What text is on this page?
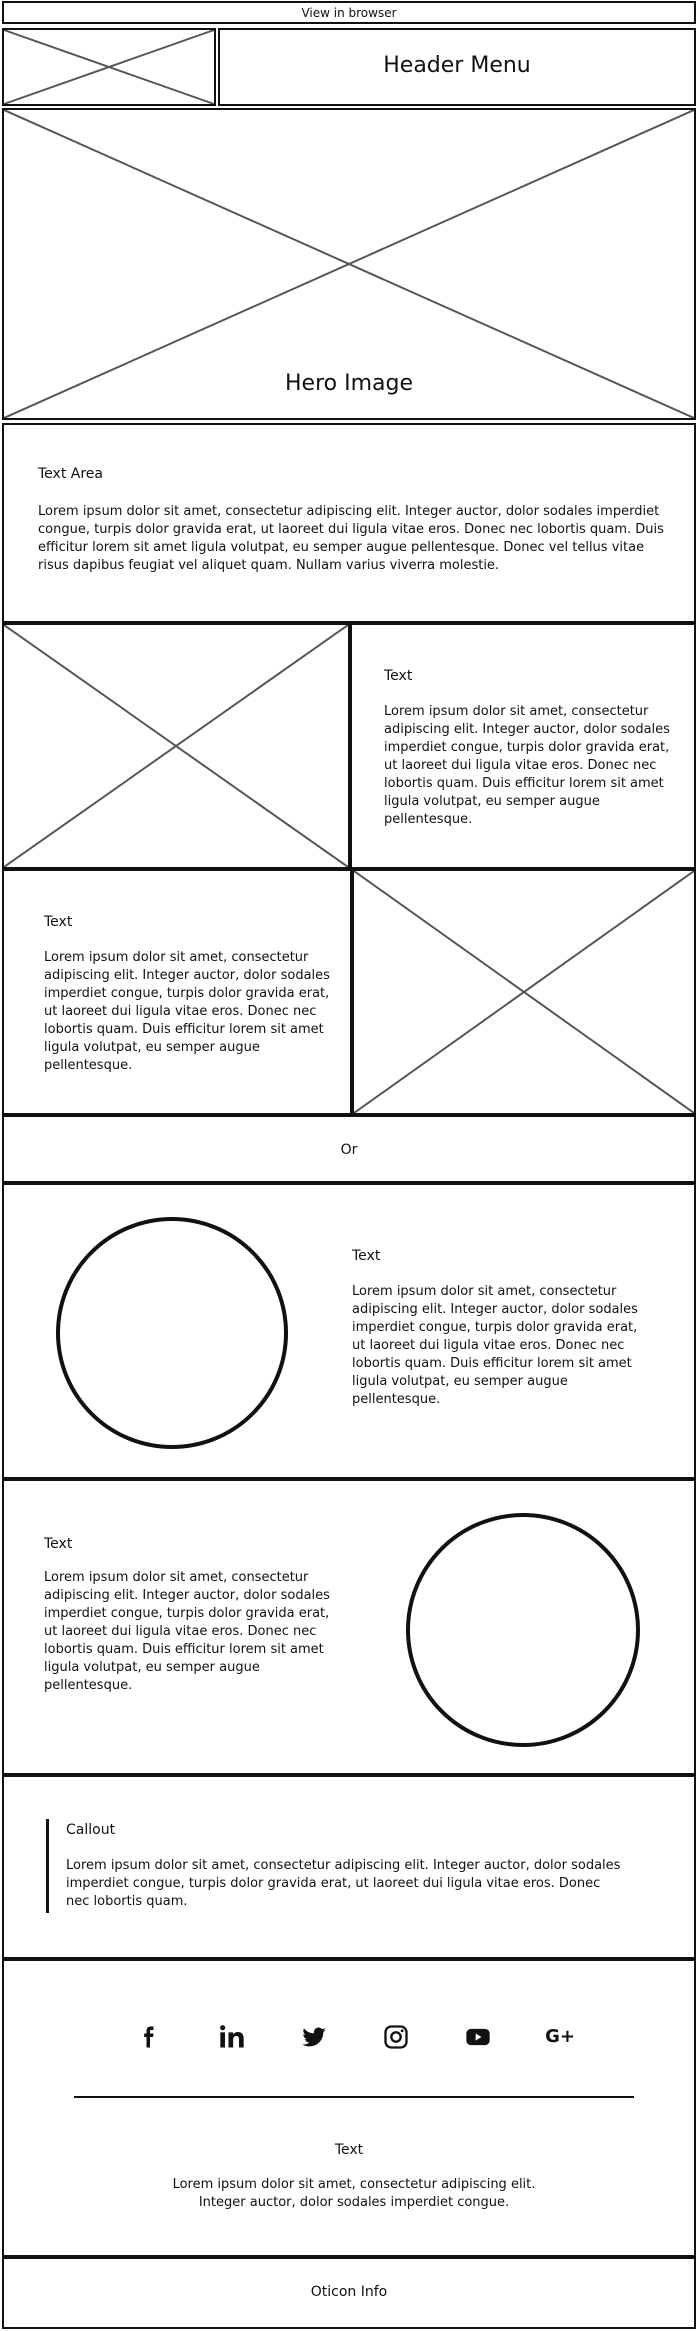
View in browser
Header Menu
Hero Image
Text Area
Lorem ipsum dolor sit amet, consectetur adipiscing elit. Integer auctor, dolor sodales imperdiet congue, turpis dolor gravida erat, ut laoreet dui ligula vitae eros. Donec nec lobortis quam. Duis efficitur lorem sit amet ligula volutpat, eu semper augue pellentesque. Donec vel tellus vitae risus dapibus feugiat vel aliquet quam. Nullam varius viverra molestie.
Text
Lorem ipsum dolor sit amet, consectetur adipiscing elit. Integer auctor, dolor sodales imperdiet congue, turpis dolor gravida erat, ut laoreet dui ligula vitae eros. Donec nec lobortis quam. Duis efficitur lorem sit amet ligula volutpat, eu semper augue pellentesque.
Text
Lorem ipsum dolor sit amet, consectetur adipiscing elit. Integer auctor, dolor sodales imperdiet congue, turpis dolor gravida erat, ut laoreet dui ligula vitae eros. Donec nec lobortis quam. Duis efficitur lorem sit amet ligula volutpat, eu semper augue pellentesque.
Or
Text
Lorem ipsum dolor sit amet, consectetur adipiscing elit. Integer auctor, dolor sodales imperdiet congue, turpis dolor gravida erat, ut laoreet dui ligula vitae eros. Donec nec lobortis quam. Duis efficitur lorem sit amet ligula volutpat, eu semper augue pellentesque.
Text
Lorem ipsum dolor sit amet, consectetur adipiscing elit. Integer auctor, dolor sodales imperdiet congue, turpis dolor gravida erat, ut laoreet dui ligula vitae eros. Donec nec lobortis quam. Duis efficitur lorem sit amet ligula volutpat, eu semper augue pellentesque.
Callout
Lorem ipsum dolor sit amet, consectetur adipiscing elit. Integer auctor, dolor sodales imperdiet congue, turpis dolor gravida erat, ut laoreet dui ligula vitae eros. Donec nec lobortis quam.
G+
Text
Lorem ipsum dolor sit amet, consectetur adipiscing elit. Integer auctor, dolor sodales imperdiet congue.
Oticon Info
